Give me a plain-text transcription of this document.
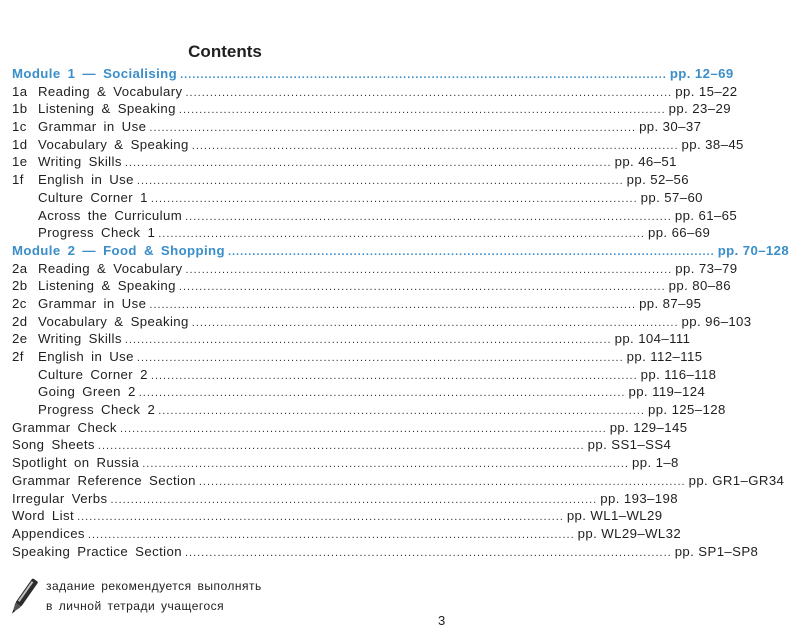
Contents
Module 1 — Socialising ........................................................................................................................ pp. 12–69
1a Reading & Vocabulary ........................................................................................................................ pp. 15–22
1b Listening & Speaking ........................................................................................................................ pp. 23–29
1c Grammar in Use ........................................................................................................................ pp. 30–37
1d Vocabulary & Speaking ........................................................................................................................ pp. 38–45
1e Writing Skills ........................................................................................................................ pp. 46–51
1f	English in Use ........................................................................................................................ pp. 52–56
Culture Corner 1 ........................................................................................................................ pp. 57–60
Across the Curriculum ........................................................................................................................ pp. 61–65
Progress Check 1 ........................................................................................................................ pp. 66–69
Module 2 — Food & Shopping ........................................................................................................................ pp. 70–128
2a Reading & Vocabulary ........................................................................................................................ pp. 73–79
2b Listening & Speaking ........................................................................................................................ pp. 80–86
2c Grammar in Use ........................................................................................................................ pp. 87–95
2d Vocabulary & Speaking ........................................................................................................................ pp. 96–103
2e Writing Skills ........................................................................................................................ pp. 104–111
2f	English in Use ........................................................................................................................ pp. 112–115
Culture Corner 2 ........................................................................................................................ pp. 116–118
Going Green 2 ........................................................................................................................ pp. 119–124
Progress Check 2 ........................................................................................................................ pp. 125–128
Grammar Check ........................................................................................................................ pp. 129–145
Song Sheets ........................................................................................................................ pp. SS1–SS4
Spotlight on Russia ........................................................................................................................ pp. 1–8
Grammar Reference Section ........................................................................................................................ pp. GR1–GR34
Irregular Verbs ........................................................................................................................ pp. 193–198
Word List ........................................................................................................................ pp. WL1–WL29
Appendices ........................................................................................................................ pp. WL29–WL32
Speaking Practice Section ........................................................................................................................ pp. SP1–SP8
задание рекомендуется выполнять
в личной тетради учащегося
3
